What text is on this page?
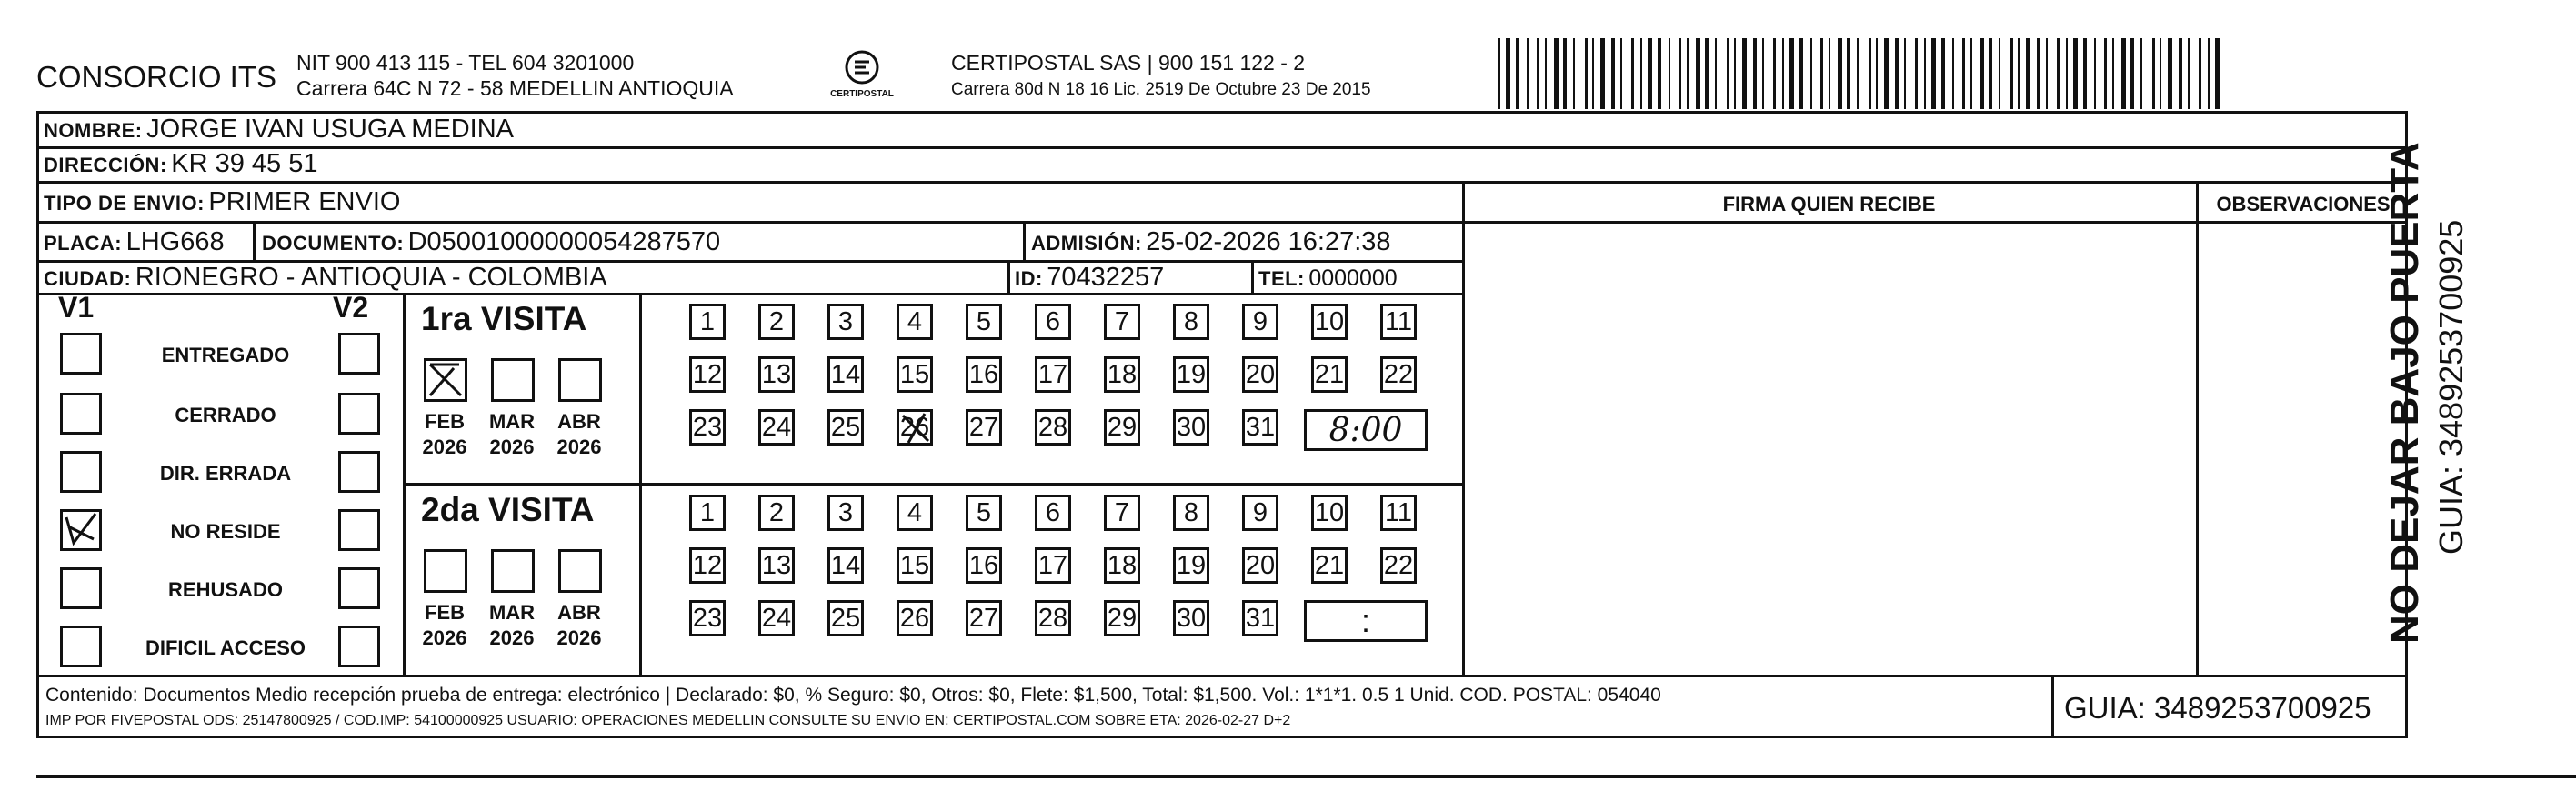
CONSORCIO ITS NIT 900 413 115 - TEL 604 3201000
Carrera 64C N 72 - 58 MEDELLIN ANTIOQUIA	CERTIPOSTAL
CERTIPOSTAL SAS | 900 151 122 - 2
Carrera 80d N 18 16 Lic. 2519 De Octubre 23 De 2015
NOMBRE: JORGE IVAN USUGA MEDINA
DIRECCIÓN: KR 39 45 51
TIPO DE ENVIO: PRIMER ENVIO	FIRMA QUIEN RECIBE	OBSERVACIONES
PLACA: LHG668 DOCUMENTO: D05001000000054287570	ADMISIÓN: 25-02-2026 16:27:38
CIUDAD: RIONEGRO - ANTIOQUIA - COLOMBIA	ID: 70432257	TEL: 0000000
V1	V2
ENTREGADO
CERRADO
DIR. ERRADA
NO RESIDE
REHUSADO
DIFICIL ACCESO
1ra VISITA
2da VISITA
FEB
2026
MAR
2026
ABR
2026
1	2	3	4	5	6	7	8	9	10 11
12 13 14 15 16 17 18 19 20 21 22
23 24 25 26 27 28 29 30 31	8:00
FEB
2026
MAR
2026
ABR
2026
1	2	3	4	5	6	7	8	9	10 11
12 13 14 15 16 17 18 19 20 21 22
23 24 25 26 27 28 29 30 31	:
Contenido: Documentos Medio recepción prueba de entrega: electrónico | Declarado: $0, % Seguro: $0, Otros: $0, Flete: $1,500, Total: $1,500. Vol.: 1*1*1. 0.5 1 Unid. COD. POSTAL: 054040
IMP POR FIVEPOSTAL ODS: 25147800925 / COD.IMP: 54100000925 USUARIO: OPERACIONES MEDELLIN CONSULTE SU ENVIO EN: CERTIPOSTAL.COM SOBRE ETA: 2026-02-27 D+2	GUIA: 3489253700925
NO DEJAR BAJO PUERTA GUIA: 3489253700925
